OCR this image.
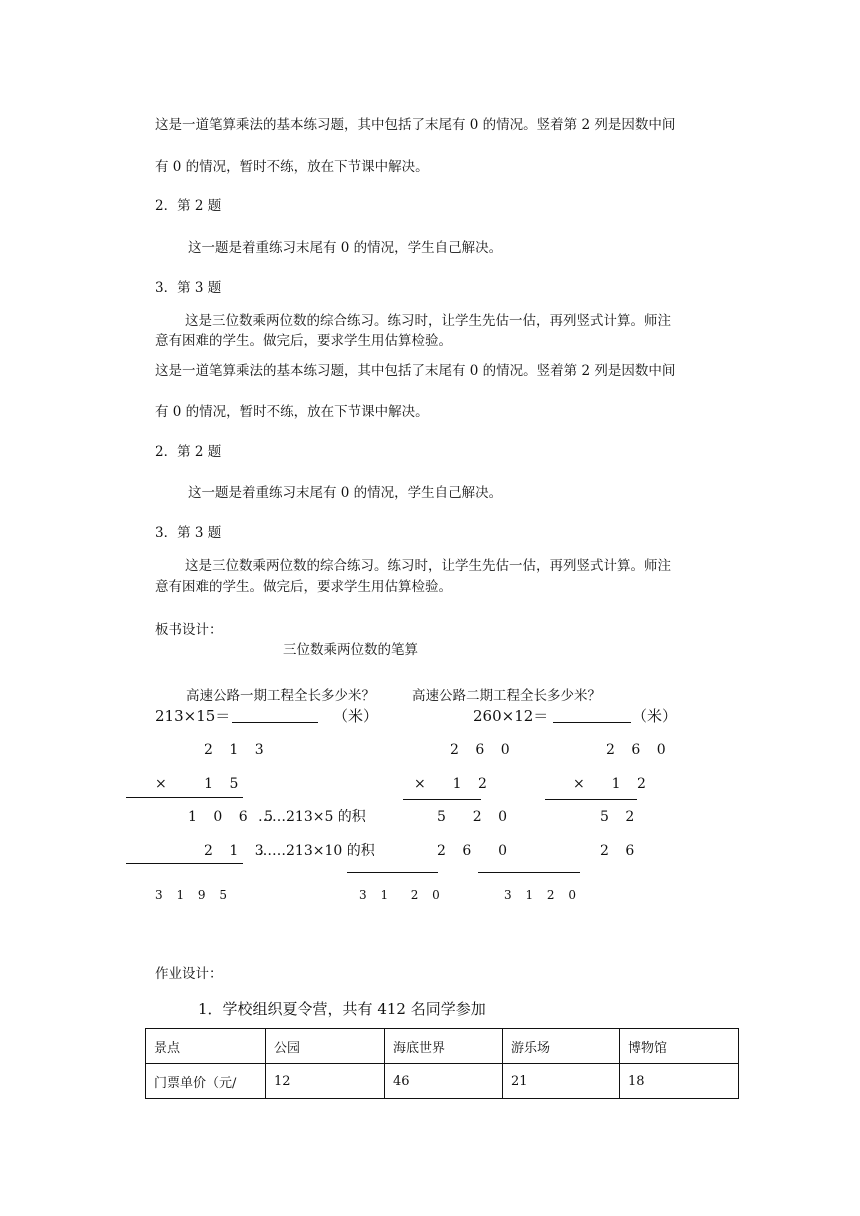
这是一道笔算乘法的基本练习题，其中包括了末尾有 0 的情况。竖着第 2 列是因数中间
有 0 的情况，暂时不练，放在下节课中解决。
2．第 2 题
这一题是着重练习末尾有 0 的情况，学生自己解决。
3．第 3 题
这是三位数乘两位数的综合练习。练习时，让学生先估一估，再列竖式计算。师注
意有困难的学生。做完后，要求学生用估算检验。
这是一道笔算乘法的基本练习题，其中包括了末尾有 0 的情况。竖着第 2 列是因数中间
有 0 的情况，暂时不练，放在下节课中解决。
2．第 2 题
这一题是着重练习末尾有 0 的情况，学生自己解决。
3．第 3 题
这是三位数乘两位数的综合练习。练习时，让学生先估一估，再列竖式计算。师注
意有困难的学生。做完后，要求学生用估算检验。
板书设计：
三位数乘两位数的笔算
高速公路一期工程全长多少米？	高速公路二期工程全长多少米？
213×15＝	（米）	260×12＝	（米）
2 1 3
×   1 5
1 0 6 5
……213×5 的积
2 1 3
……213×10 的积
3 1 9 5
2 6 0
×  1 2
5  2 0
2 6  0
3 1  2 0
2 6 0
×  1 2
5 2
2 6
3 1 2 0
作业设计：
1．学校组织夏令营，共有 412 名同学参加
景点	公园	海底世界	游乐场	博物馆
门票单价（元/	12	46	21	18
